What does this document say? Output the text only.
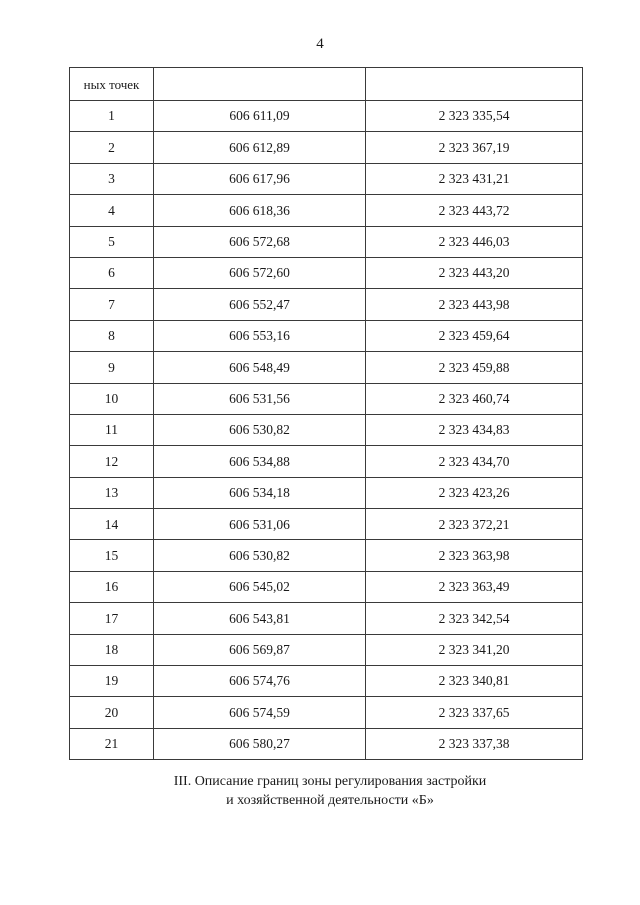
4
ных точек		
1	606 611,09	2 323 335,54
2	606 612,89	2 323 367,19
3	606 617,96	2 323 431,21
4	606 618,36	2 323 443,72
5	606 572,68	2 323 446,03
6	606 572,60	2 323 443,20
7	606 552,47	2 323 443,98
8	606 553,16	2 323 459,64
9	606 548,49	2 323 459,88
10	606 531,56	2 323 460,74
11	606 530,82	2 323 434,83
12	606 534,88	2 323 434,70
13	606 534,18	2 323 423,26
14	606 531,06	2 323 372,21
15	606 530,82	2 323 363,98
16	606 545,02	2 323 363,49
17	606 543,81	2 323 342,54
18	606 569,87	2 323 341,20
19	606 574,76	2 323 340,81
20	606 574,59	2 323 337,65
21	606 580,27	2 323 337,38
III. Описание границ зоны регулирования застройки
и хозяйственной деятельности «Б»
